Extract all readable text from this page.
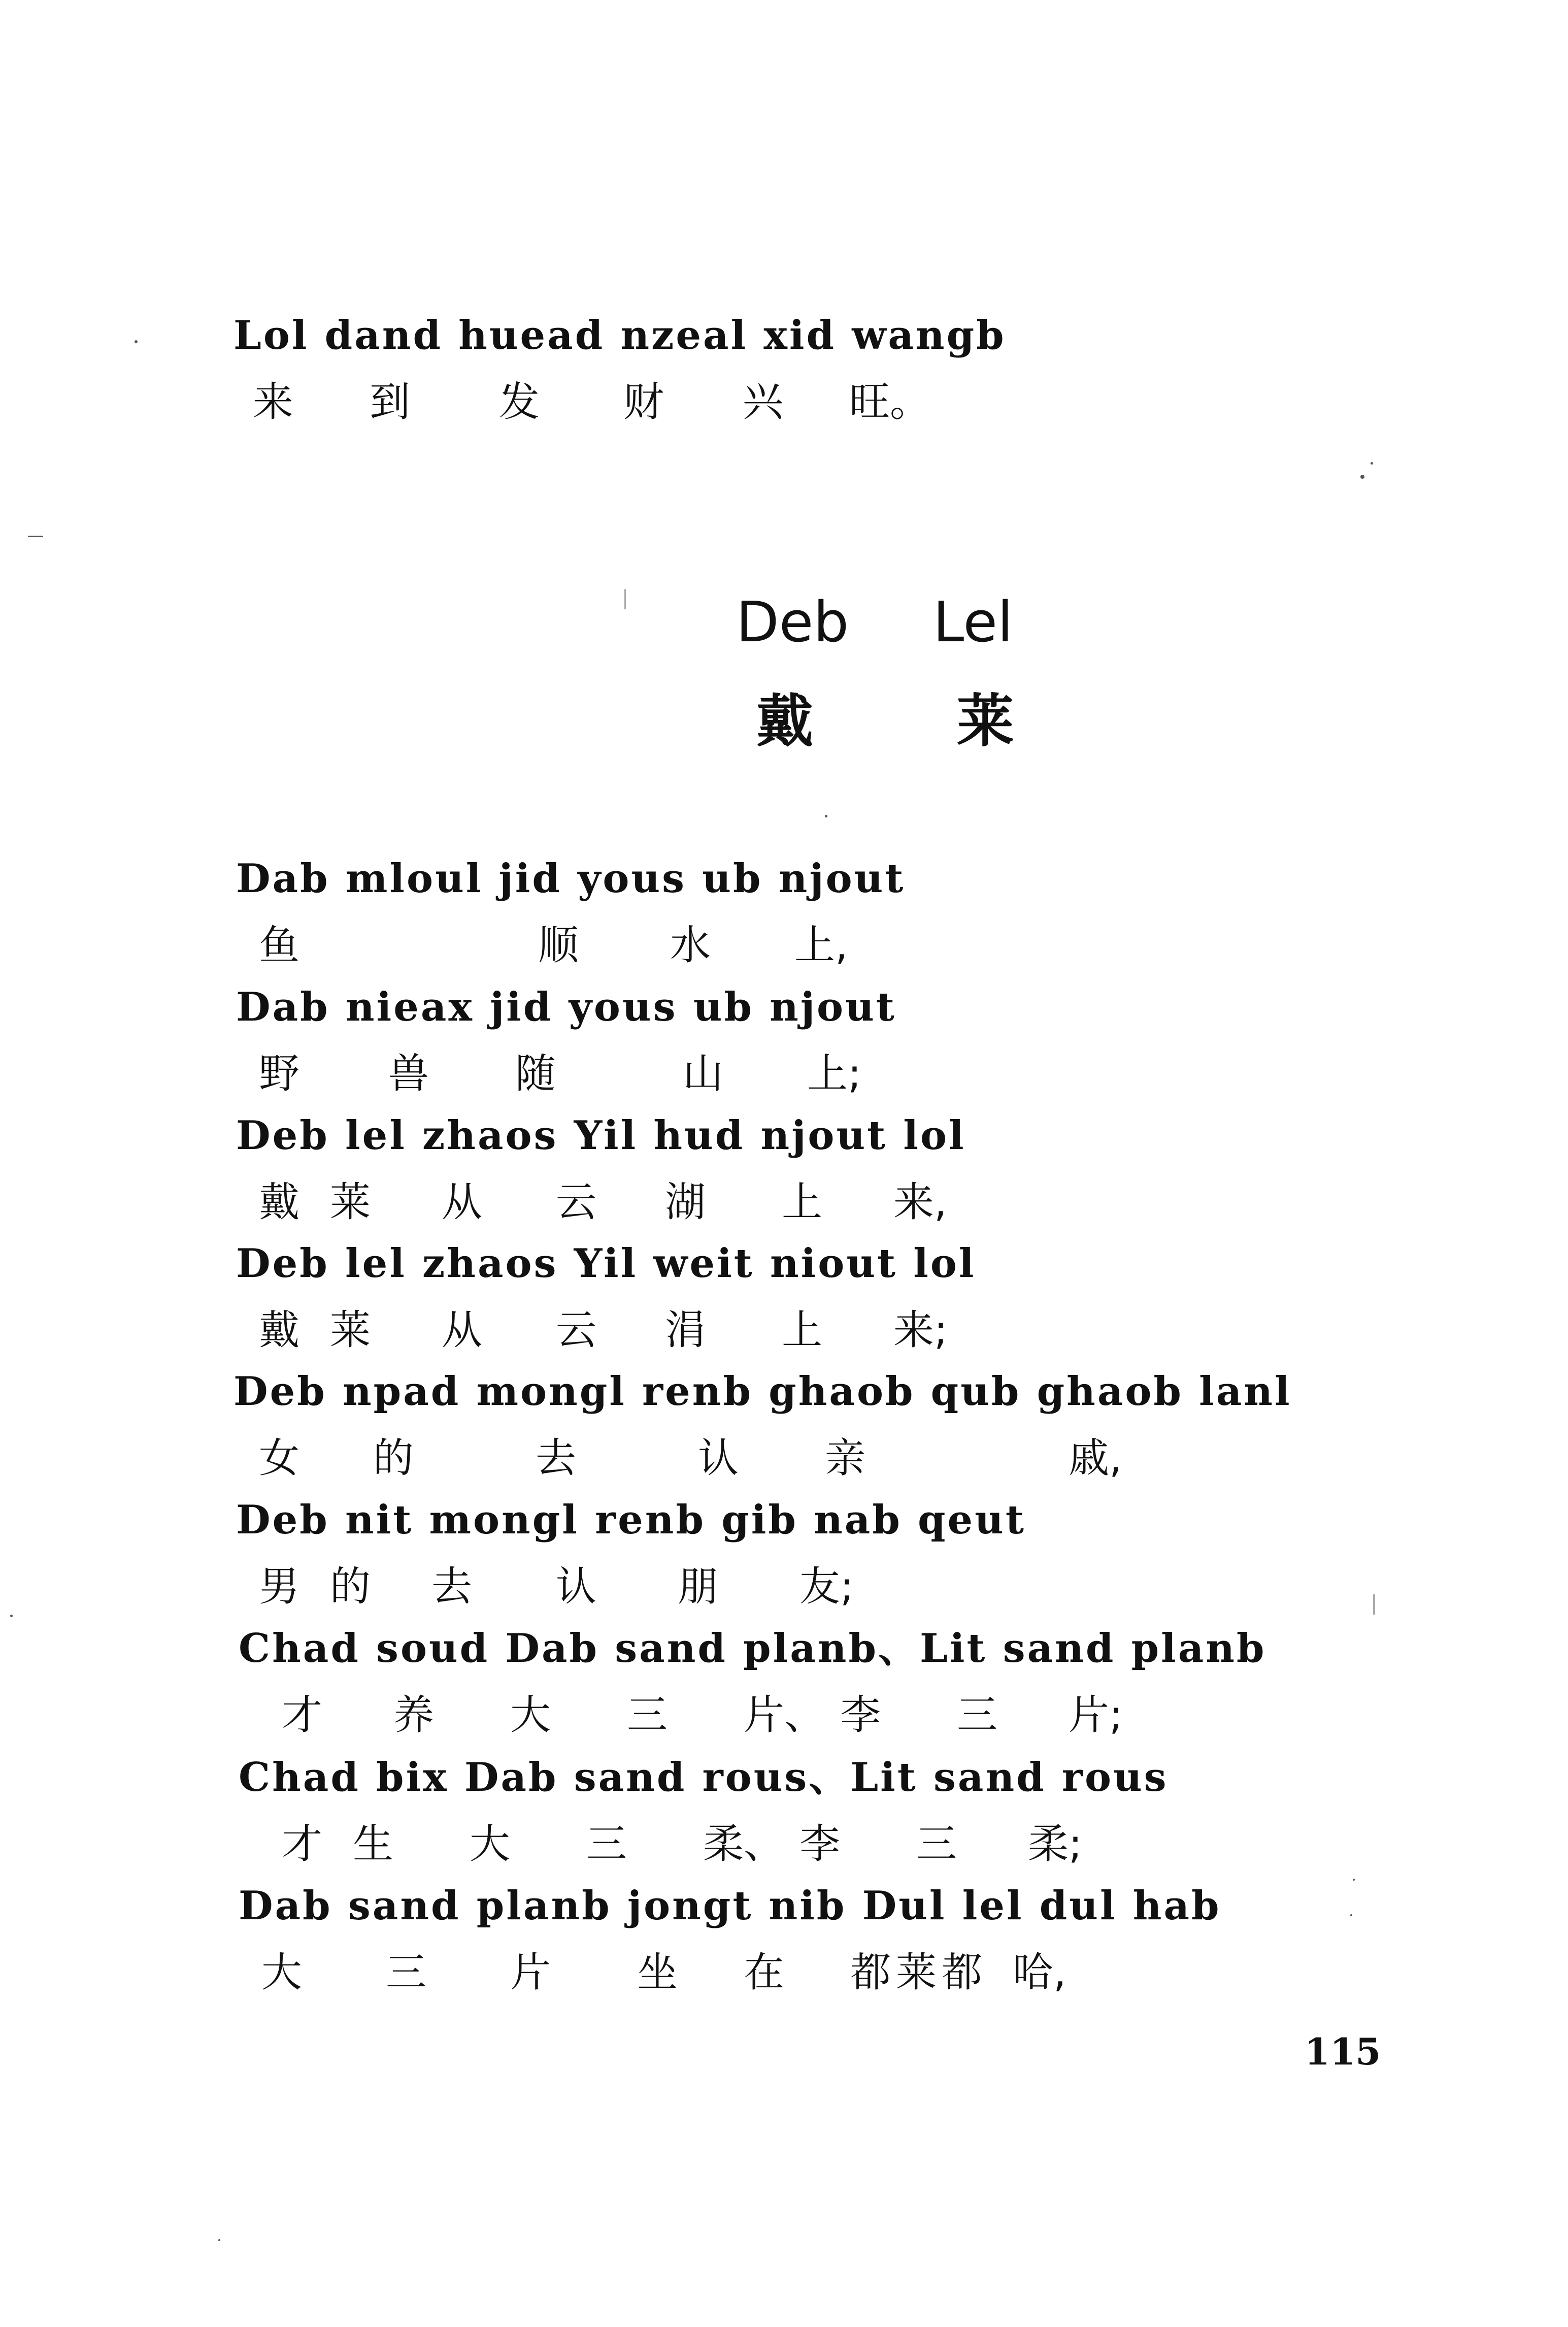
Lol dand huead nzeal xid wangb
来 到 发 财 兴 旺。
Deb Lel
戴	莱
Dab mloul jid yous ub njout
鱼	顺 水 上,
Dab nieax jid yous ub njout
野 兽 随	山 上;
Deb lel zhaos Yil hud njout lol
戴 莱 从 云 湖 上 来,
Deb lel zhaos Yil weit niout lol
戴 莱 从 云 涓 上 来;
Deb npad mongl renb ghaob qub ghaob lanl
女 的	去	认 亲	戚,
Deb nit mongl renb gib nab qeut
男 的 去 认 朋 友;
Chad soud Dab sand planb、Lit sand planb
才 养 大 三 片、 李 三 片;
Chad bix Dab sand rous、Lit sand rous
才 生 大 三 柔、 李 三 柔;
Dab sand planb jongt nib Dul lel dul hab
大 三 片 坐 在 都 莱 都 哈,
115
